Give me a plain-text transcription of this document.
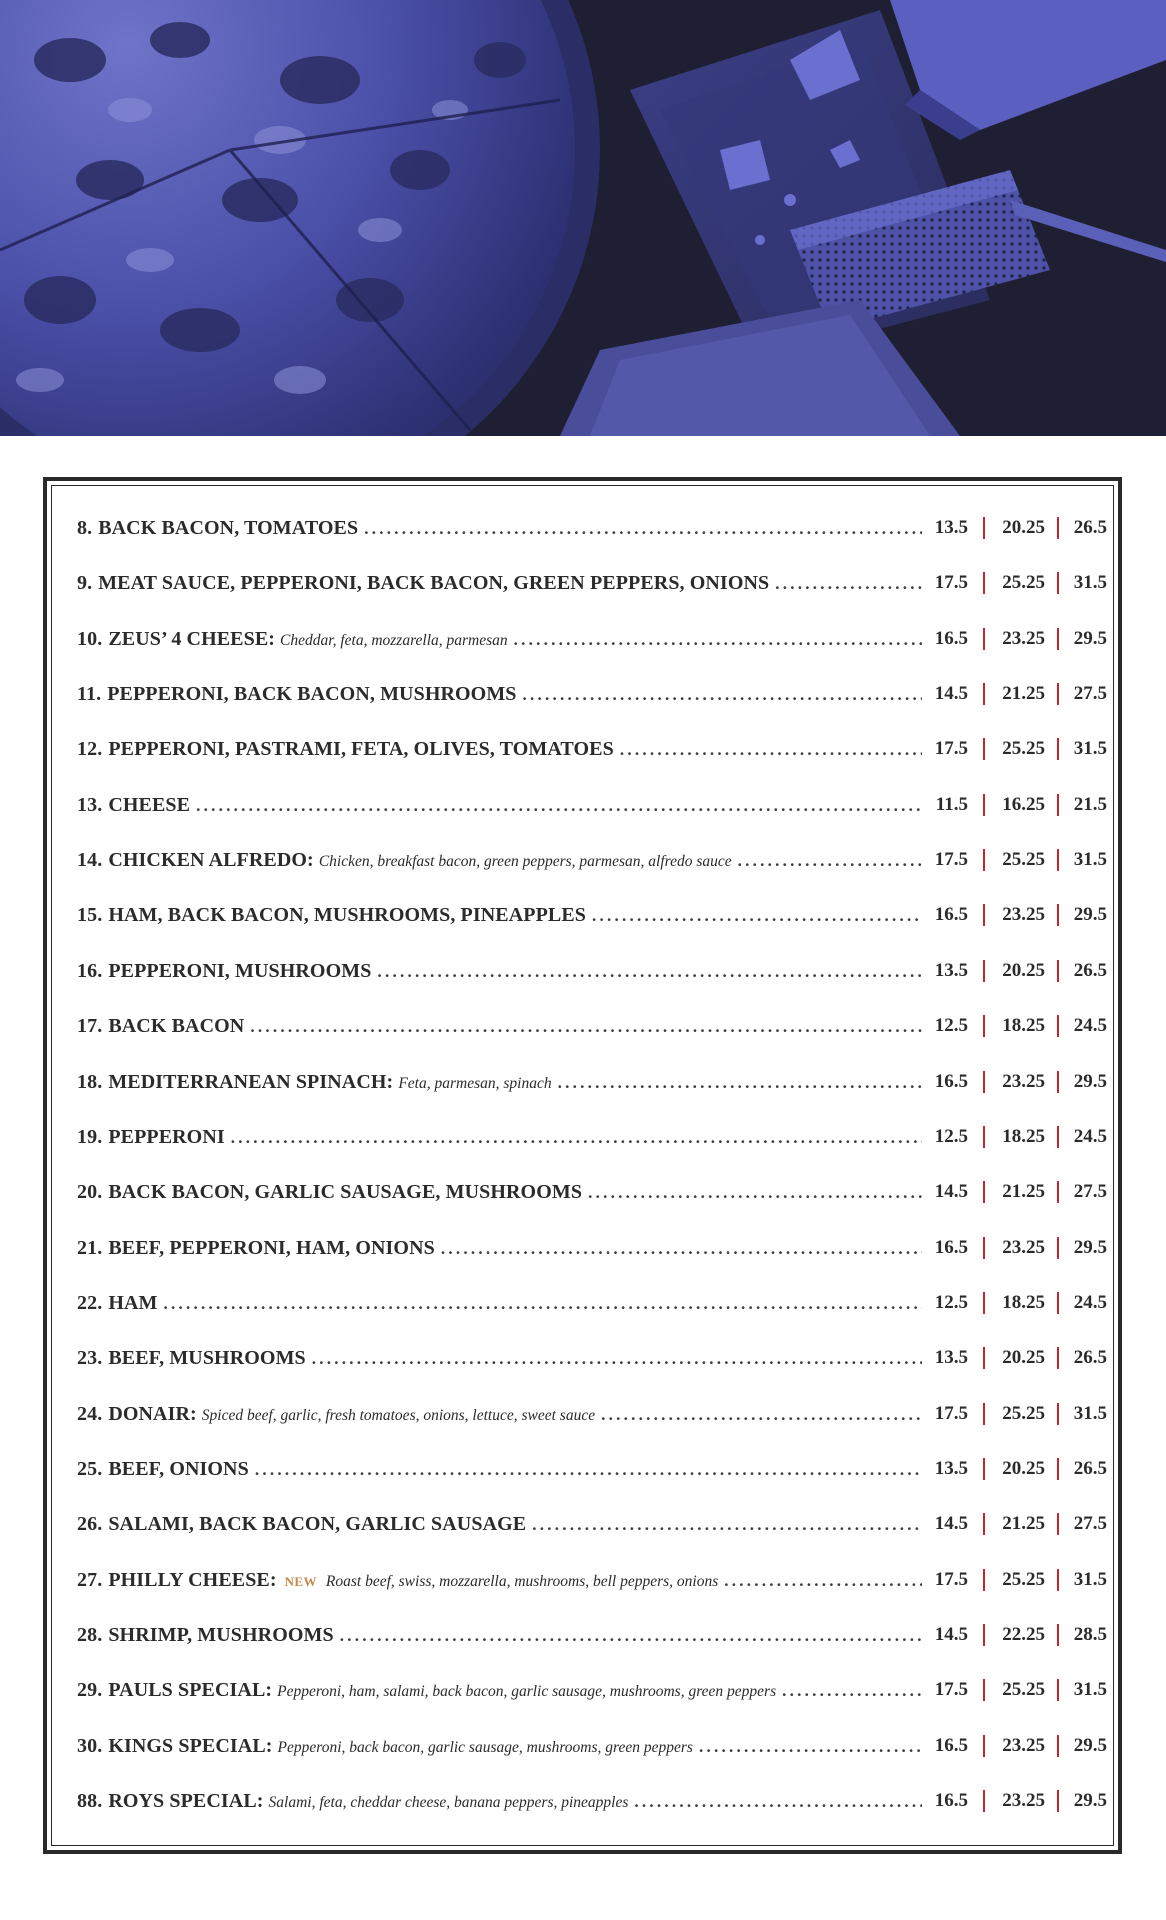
8. BACK BACON, TOMATOES . . .	13.5	20.25	26.5
9. MEAT SAUCE, PEPPERONI, BACK BACON, GREEN PEPPERS, ONIONS . . .	17.5	25.25	31.5
10. ZEUS’ 4 CHEESE: Cheddar, feta, mozzarella, parmesan . . .	16.5	23.25	29.5
11. PEPPERONI, BACK BACON, MUSHROOMS . . .	14.5	21.25	27.5
12. PEPPERONI, PASTRAMI, FETA, OLIVES, TOMATOES . . .	17.5	25.25	31.5
13. CHEESE . . .	11.5	16.25	21.5
14. CHICKEN ALFREDO: Chicken, breakfast bacon, green peppers, parmesan, alfredo sauce . . .	17.5	25.25	31.5
15. HAM, BACK BACON, MUSHROOMS, PINEAPPLES . . .	16.5	23.25	29.5
16. PEPPERONI, MUSHROOMS . . .	13.5	20.25	26.5
17. BACK BACON . . .	12.5	18.25	24.5
18. MEDITERRANEAN SPINACH: Feta, parmesan, spinach . . .	16.5	23.25	29.5
19. PEPPERONI . . .	12.5	18.25	24.5
20. BACK BACON, GARLIC SAUSAGE, MUSHROOMS . . .	14.5	21.25	27.5
21. BEEF, PEPPERONI, HAM, ONIONS . . .	16.5	23.25	29.5
22. HAM . . .	12.5	18.25	24.5
23. BEEF, MUSHROOMS . . .	13.5	20.25	26.5
24. DONAIR: Spiced beef, garlic, fresh tomatoes, onions, lettuce, sweet sauce . . .	17.5	25.25	31.5
25. BEEF, ONIONS . . .	13.5	20.25	26.5
26. SALAMI, BACK BACON, GARLIC SAUSAGE . . .	14.5	21.25	27.5
27. PHILLY CHEESE: NEW Roast beef, swiss, mozzarella, mushrooms, bell peppers, onions . . .	17.5	25.25	31.5
28. SHRIMP, MUSHROOMS . . .	14.5	22.25	28.5
29. PAULS SPECIAL: Pepperoni, ham, salami, back bacon, garlic sausage, mushrooms, green peppers . . .	17.5	25.25	31.5
30. KINGS SPECIAL: Pepperoni, back bacon, garlic sausage, mushrooms, green peppers . . .	16.5	23.25	29.5
88. ROYS SPECIAL: Salami, feta, cheddar cheese, banana peppers, pineapples . . .	16.5	23.25	29.5
